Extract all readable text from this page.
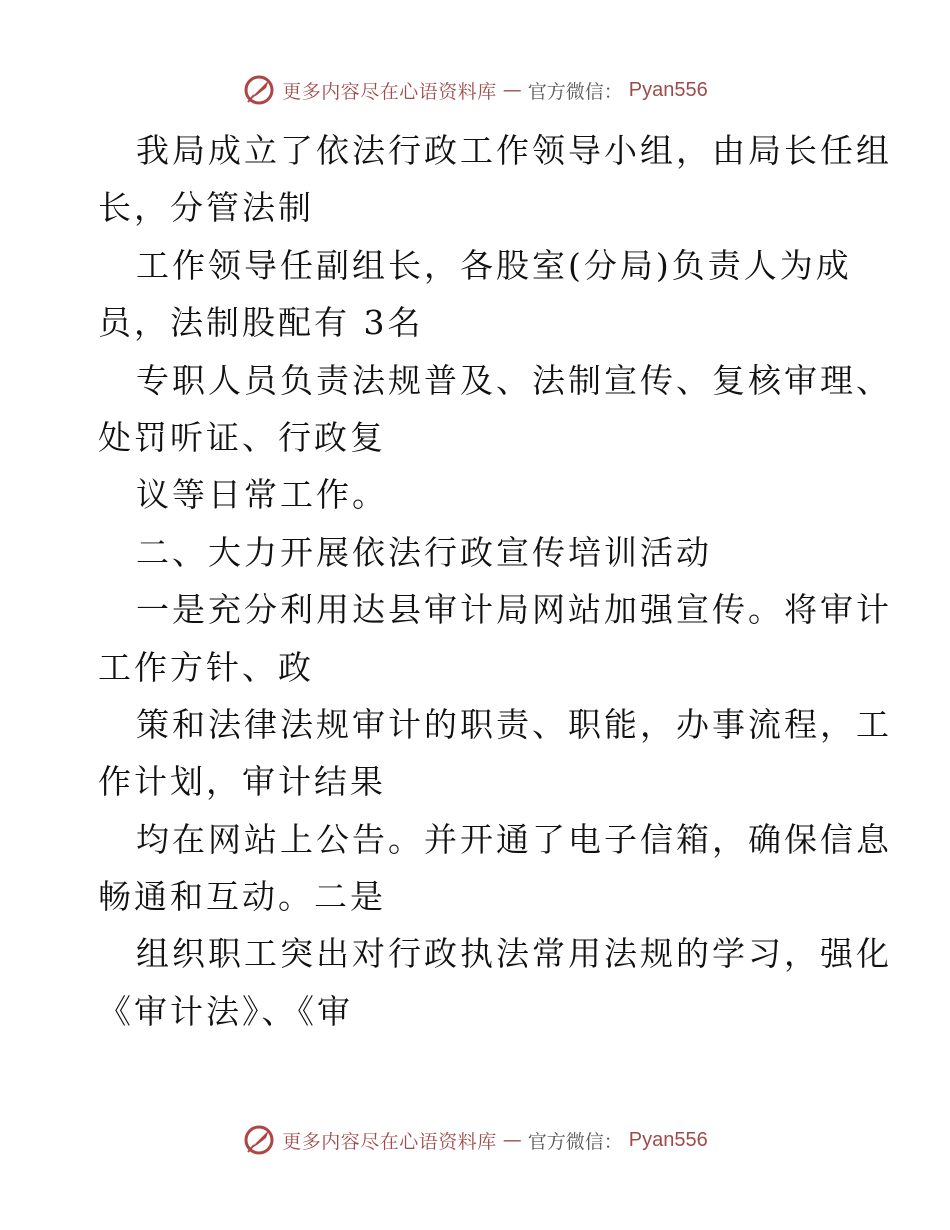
更多内容尽在心语资料库 — 官方微信： Pyan556
我局成立了依法行政工作领导小组，由局长任组
长，分管法制
工作领导任副组长，各股室(分局)负责人为成
员，法制股配有 3名
专职人员负责法规普及、法制宣传、复核审理、
处罚听证、行政复
议等日常工作。
二、大力开展依法行政宣传培训活动
一是充分利用达县审计局网站加强宣传。将审计
工作方针、政
策和法律法规审计的职责、职能，办事流程，工
作计划，审计结果
均在网站上公告。并开通了电子信箱，确保信息
畅通和互动。二是
组织职工突出对行政执法常用法规的学习，强化
《审计法》、《审
更多内容尽在心语资料库 — 官方微信： Pyan556
